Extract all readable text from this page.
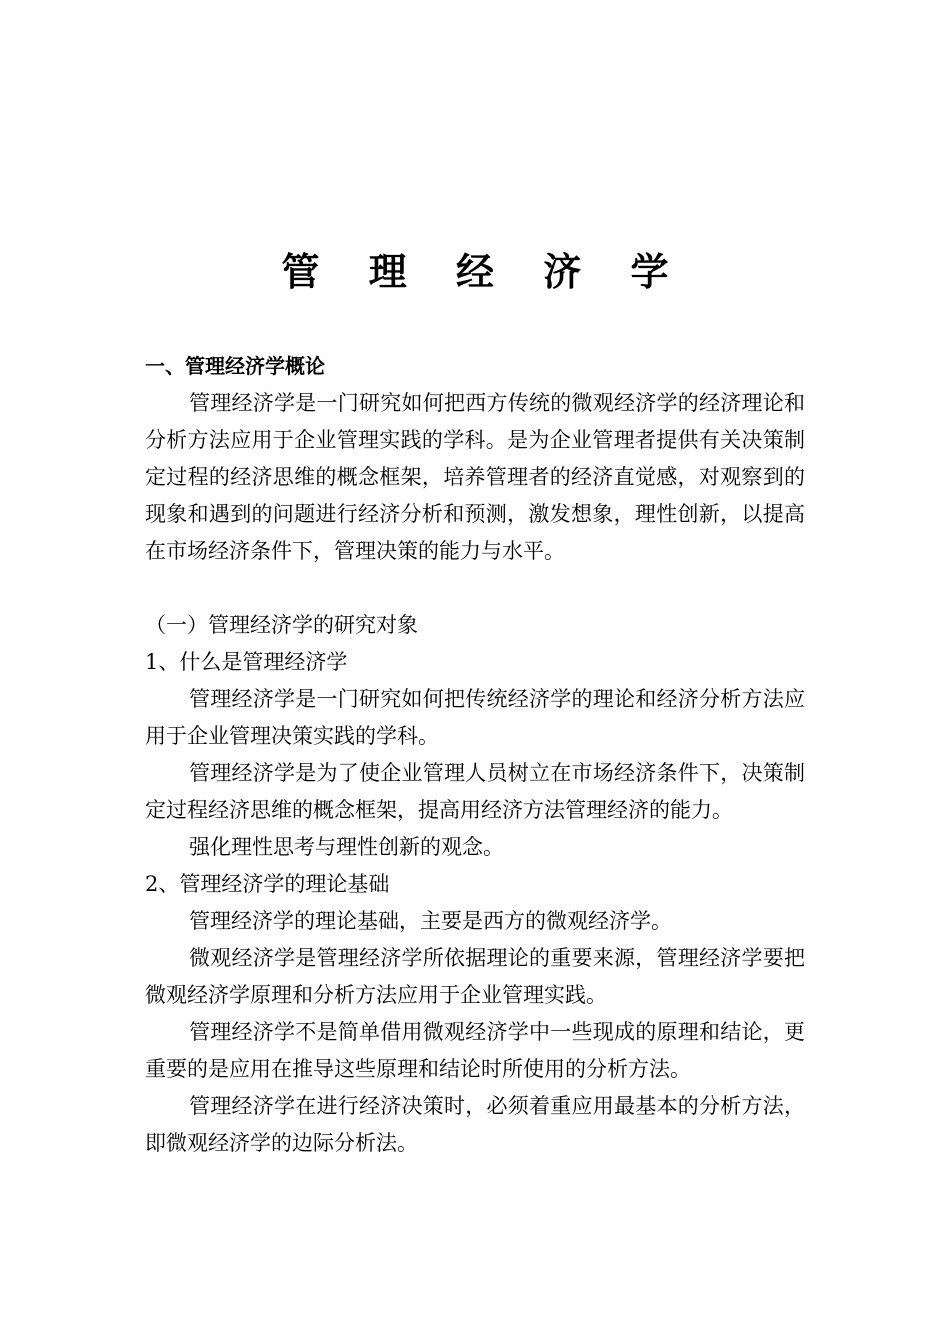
管 理 经 济 学

一、管理经济学概论

管理经济学是一门研究如何把西方传统的微观经济学的经济理论和分析方法应用于企业管理实践的学科。是为企业管理者提供有关决策制定过程的经济思维的概念框架，培养管理者的经济直觉感，对观察到的现象和遇到的问题进行经济分析和预测，激发想象，理性创新，以提高在市场经济条件下，管理决策的能力与水平。

（一）管理经济学的研究对象

1、什么是管理经济学

管理经济学是一门研究如何把传统经济学的理论和经济分析方法应用于企业管理决策实践的学科。

管理经济学是为了使企业管理人员树立在市场经济条件下，决策制定过程经济思维的概念框架，提高用经济方法管理经济的能力。

强化理性思考与理性创新的观念。

2、管理经济学的理论基础

管理经济学的理论基础，主要是西方的微观经济学。

微观经济学是管理经济学所依据理论的重要来源，管理经济学要把微观经济学原理和分析方法应用于企业管理实践。

管理经济学不是简单借用微观经济学中一些现成的原理和结论，更重要的是应用在推导这些原理和结论时所使用的分析方法。

管理经济学在进行经济决策时，必须着重应用最基本的分析方法，即微观经济学的边际分析法。
